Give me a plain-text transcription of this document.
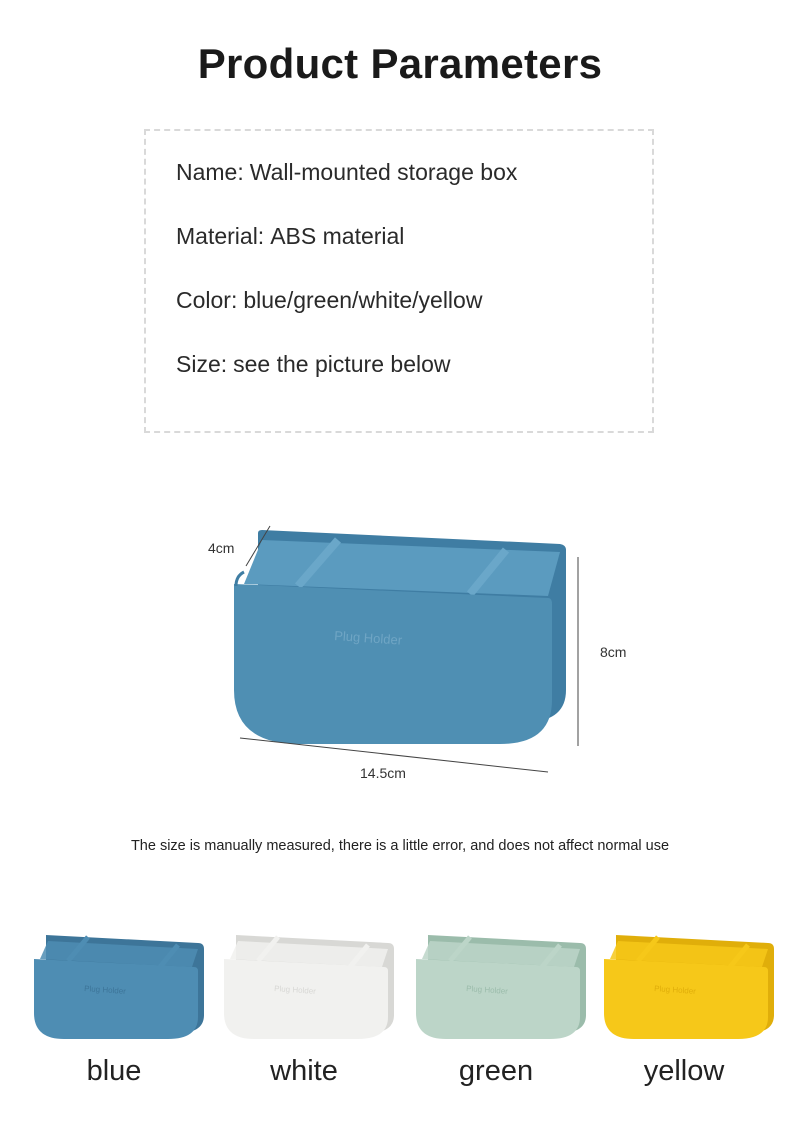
Product Parameters
Name: Wall-mounted storage box
Material: ABS material
Color: blue/green/white/yellow
Size: see the picture below
Plug Holder
4cm
8cm
14.5cm
The size is manually measured, there is a little error, and does not affect normal use
Plug Holder
blue
Plug Holder
white
Plug Holder
green
Plug Holder
yellow
